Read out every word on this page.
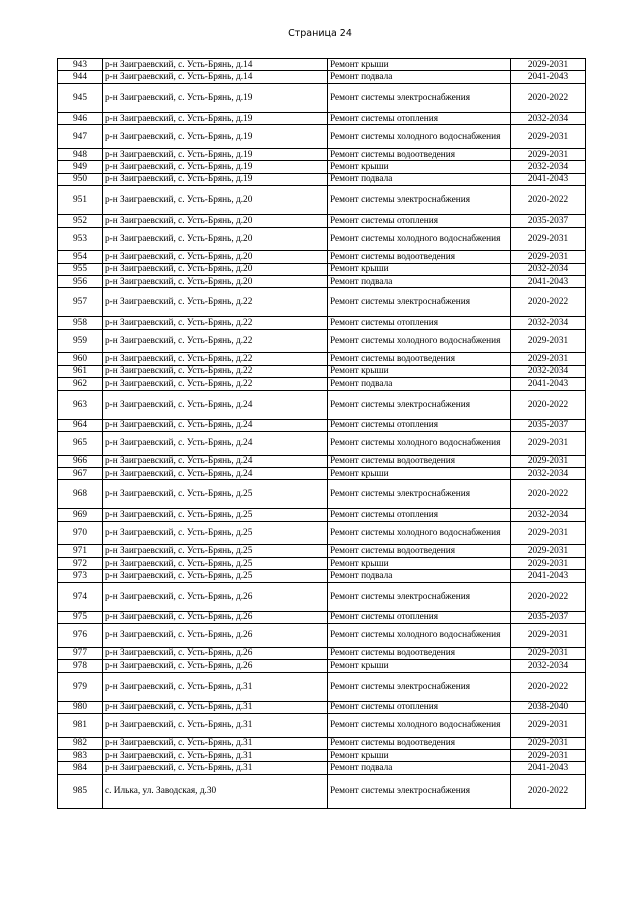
Страница 24
943	р-н Заиграевский, с. Усть-Брянь, д.14	Ремонт крыши	2029-2031
944	р-н Заиграевский, с. Усть-Брянь, д.14	Ремонт подвала	2041-2043
945	р-н Заиграевский, с. Усть-Брянь, д.19	Ремонт системы электроснабжения	2020-2022
946	р-н Заиграевский, с. Усть-Брянь, д.19	Ремонт системы отопления	2032-2034
947	р-н Заиграевский, с. Усть-Брянь, д.19	Ремонт системы холодного водоснабжения	2029-2031
948	р-н Заиграевский, с. Усть-Брянь, д.19	Ремонт системы водоотведения	2029-2031
949	р-н Заиграевский, с. Усть-Брянь, д.19	Ремонт крыши	2032-2034
950	р-н Заиграевский, с. Усть-Брянь, д.19	Ремонт подвала	2041-2043
951	р-н Заиграевский, с. Усть-Брянь, д.20	Ремонт системы электроснабжения	2020-2022
952	р-н Заиграевский, с. Усть-Брянь, д.20	Ремонт системы отопления	2035-2037
953	р-н Заиграевский, с. Усть-Брянь, д.20	Ремонт системы холодного водоснабжения	2029-2031
954	р-н Заиграевский, с. Усть-Брянь, д.20	Ремонт системы водоотведения	2029-2031
955	р-н Заиграевский, с. Усть-Брянь, д.20	Ремонт крыши	2032-2034
956	р-н Заиграевский, с. Усть-Брянь, д.20	Ремонт подвала	2041-2043
957	р-н Заиграевский, с. Усть-Брянь, д.22	Ремонт системы электроснабжения	2020-2022
958	р-н Заиграевский, с. Усть-Брянь, д.22	Ремонт системы отопления	2032-2034
959	р-н Заиграевский, с. Усть-Брянь, д.22	Ремонт системы холодного водоснабжения	2029-2031
960	р-н Заиграевский, с. Усть-Брянь, д.22	Ремонт системы водоотведения	2029-2031
961	р-н Заиграевский, с. Усть-Брянь, д.22	Ремонт крыши	2032-2034
962	р-н Заиграевский, с. Усть-Брянь, д.22	Ремонт подвала	2041-2043
963	р-н Заиграевский, с. Усть-Брянь, д.24	Ремонт системы электроснабжения	2020-2022
964	р-н Заиграевский, с. Усть-Брянь, д.24	Ремонт системы отопления	2035-2037
965	р-н Заиграевский, с. Усть-Брянь, д.24	Ремонт системы холодного водоснабжения	2029-2031
966	р-н Заиграевский, с. Усть-Брянь, д.24	Ремонт системы водоотведения	2029-2031
967	р-н Заиграевский, с. Усть-Брянь, д.24	Ремонт крыши	2032-2034
968	р-н Заиграевский, с. Усть-Брянь, д.25	Ремонт системы электроснабжения	2020-2022
969	р-н Заиграевский, с. Усть-Брянь, д.25	Ремонт системы отопления	2032-2034
970	р-н Заиграевский, с. Усть-Брянь, д.25	Ремонт системы холодного водоснабжения	2029-2031
971	р-н Заиграевский, с. Усть-Брянь, д.25	Ремонт системы водоотведения	2029-2031
972	р-н Заиграевский, с. Усть-Брянь, д.25	Ремонт крыши	2029-2031
973	р-н Заиграевский, с. Усть-Брянь, д.25	Ремонт подвала	2041-2043
974	р-н Заиграевский, с. Усть-Брянь, д.26	Ремонт системы электроснабжения	2020-2022
975	р-н Заиграевский, с. Усть-Брянь, д.26	Ремонт системы отопления	2035-2037
976	р-н Заиграевский, с. Усть-Брянь, д.26	Ремонт системы холодного водоснабжения	2029-2031
977	р-н Заиграевский, с. Усть-Брянь, д.26	Ремонт системы водоотведения	2029-2031
978	р-н Заиграевский, с. Усть-Брянь, д.26	Ремонт крыши	2032-2034
979	р-н Заиграевский, с. Усть-Брянь, д.31	Ремонт системы электроснабжения	2020-2022
980	р-н Заиграевский, с. Усть-Брянь, д.31	Ремонт системы отопления	2038-2040
981	р-н Заиграевский, с. Усть-Брянь, д.31	Ремонт системы холодного водоснабжения	2029-2031
982	р-н Заиграевский, с. Усть-Брянь, д.31	Ремонт системы водоотведения	2029-2031
983	р-н Заиграевский, с. Усть-Брянь, д.31	Ремонт крыши	2029-2031
984	р-н Заиграевский, с. Усть-Брянь, д.31	Ремонт подвала	2041-2043
985	с. Илька, ул. Заводская, д.30	Ремонт системы электроснабжения	2020-2022
